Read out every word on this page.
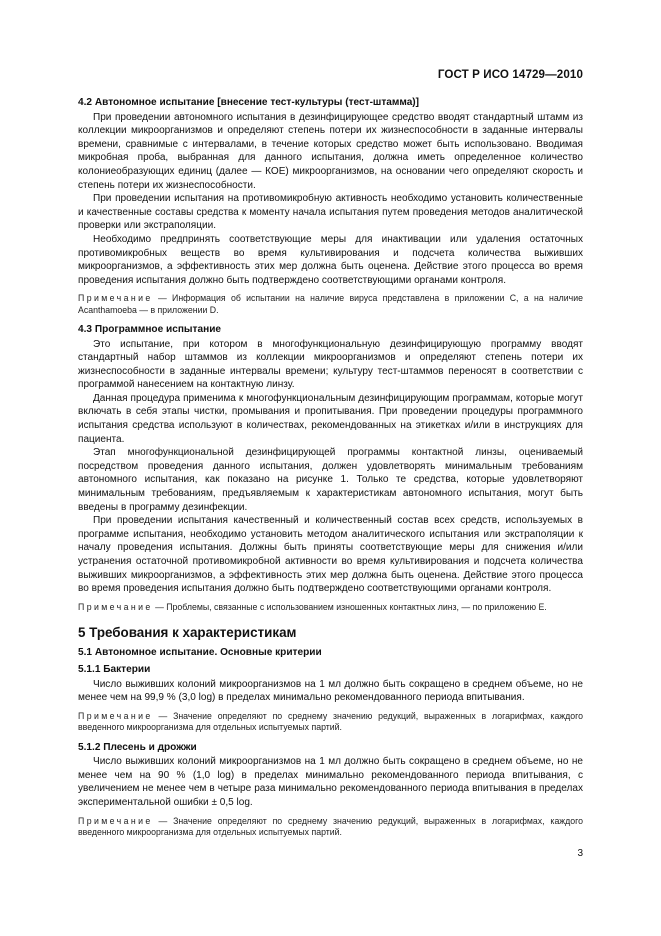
ГОСТ Р ИСО 14729—2010
4.2 Автономное испытание [внесение тест-культуры (тест-штамма)]

При проведении автономного испытания в дезинфицирующее средство вводят стандартный штамм из коллекции микроорганизмов и определяют степень потери их жизнеспособности в заданные интервалы времени, сравнимые с интервалами, в течение которых средство может быть использовано. Вводимая микробная проба, выбранная для данного испытания, должна иметь определенное количество колониеобразующих единиц (далее — КОЕ) микроорганизмов, на основании чего определяют скорость и степень потери их жизнеспособности.

При проведении испытания на противомикробную активность необходимо установить количественные и качественные составы средства к моменту начала испытания путем проведения методов аналитической проверки или экстраполяции.

Необходимо предпринять соответствующие меры для инактивации или удаления остаточных противомикробных веществ во время культивирования и подсчета количества выживших микроорганизмов, а эффективность этих мер должна быть оценена. Действие этого процесса во время проведения испытания должно быть подтверждено соответствующими органами контроля.

Примечание — Информация об испытании на наличие вируса представлена в приложении С, а на наличие Acanthamoeba — в приложении D.

4.3 Программное испытание

Это испытание, при котором в многофункциональную дезинфицирующую программу вводят стандартный набор штаммов из коллекции микроорганизмов и определяют степень потери их жизнеспособности в заданные интервалы времени; культуру тест-штаммов переносят в соответствии с программой нанесением на контактную линзу.

Данная процедура применима к многофункциональным дезинфицирующим программам, которые могут включать в себя этапы чистки, промывания и пропитывания. При проведении процедуры программного испытания средства используют в количествах, рекомендованных на этикетках и/или в инструкциях для пациента.

Этап многофункциональной дезинфицирующей программы контактной линзы, оцениваемый посредством проведения данного испытания, должен удовлетворять минимальным требованиям автономного испытания, как показано на рисунке 1. Только те средства, которые удовлетворяют минимальным требованиям, предъявляемым к характеристикам автономного испытания, могут быть введены в программу дезинфекции.

При проведении испытания качественный и количественный состав всех средств, используемых в программе испытания, необходимо установить методом аналитического испытания или экстраполяции к началу проведения испытания. Должны быть приняты соответствующие меры для снижения и/или устранения остаточной противомикробной активности во время культивирования и подсчета количества выживших микроорганизмов, а эффективность этих мер должна быть оценена. Действие этого процесса во время проведения испытания должно быть подтверждено соответствующими органами контроля.

Примечание — Проблемы, связанные с использованием изношенных контактных линз, — по приложению Е.

5 Требования к характеристикам
5.1 Автономное испытание. Основные критерии
5.1.1 Бактерии

Число выживших колоний микроорганизмов на 1 мл должно быть сокращено в среднем объеме, но не менее чем на 99,9 % (3,0 log) в пределах минимально рекомендованного периода впитывания.

Примечание — Значение определяют по среднему значению редукций, выраженных в логарифмах, каждого введенного микроорганизма для отдельных испытуемых партий.

5.1.2 Плесень и дрожжи

Число выживших колоний микроорганизмов на 1 мл должно быть сокращено в среднем объеме, но не менее чем на 90 % (1,0 log) в пределах минимально рекомендованного периода впитывания, с увеличением не менее чем в четыре раза минимально рекомендованного периода впитывания в пределах экспериментальной ошибки ± 0,5 log.

Примечание — Значение определяют по среднему значению редукций, выраженных в логарифмах, каждого введенного микроорганизма для отдельных испытуемых партий.

3
